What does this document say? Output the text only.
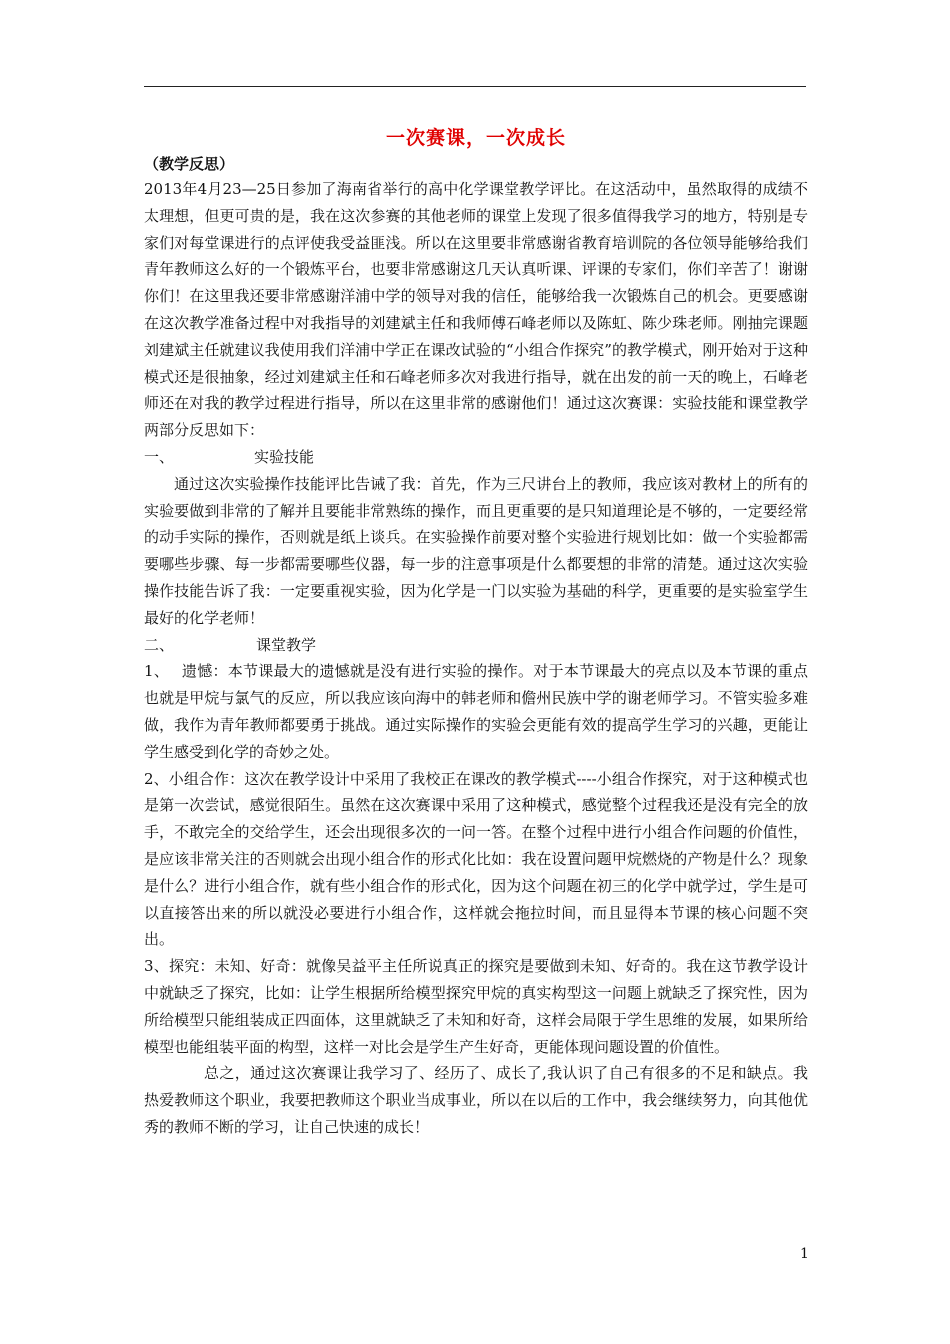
一次赛课，一次成长
（教学反思）

2013年4月23—25日参加了海南省举行的高中化学课堂教学评比。在这活动中，虽然取得的成绩不太理想，但更可贵的是，我在这次参赛的其他老师的课堂上发现了很多值得我学习的地方，特别是专家们对每堂课进行的点评使我受益匪浅。所以在这里要非常感谢省教育培训院的各位领导能够给我们青年教师这么好的一个锻炼平台，也要非常感谢这几天认真听课、评课的专家们，你们辛苦了！谢谢你们！在这里我还要非常感谢洋浦中学的领导对我的信任，能够给我一次锻炼自己的机会。更要感谢在这次教学准备过程中对我指导的刘建斌主任和我师傅石峰老师以及陈虹、陈少珠老师。刚抽完课题刘建斌主任就建议我使用我们洋浦中学正在课改试验的“小组合作探究”的教学模式，刚开始对于这种模式还是很抽象，经过刘建斌主任和石峰老师多次对我进行指导，就在出发的前一天的晚上，石峰老师还在对我的教学过程进行指导，所以在这里非常的感谢他们！通过这次赛课：实验技能和课堂教学两部分反思如下：

一、	实验技能

通过这次实验操作技能评比告诫了我：首先，作为三尺讲台上的教师，我应该对教材上的所有的实验要做到非常的了解并且要能非常熟练的操作，而且更重要的是只知道理论是不够的，一定要经常的动手实际的操作，否则就是纸上谈兵。在实验操作前要对整个实验进行规划比如：做一个实验都需要哪些步骤、每一步都需要哪些仪器，每一步的注意事项是什么都要想的非常的清楚。通过这次实验操作技能告诉了我：一定要重视实验，因为化学是一门以实验为基础的科学，更重要的是实验室学生最好的化学老师！

二、	课堂教学

1、　 遗憾：本节课最大的遗憾就是没有进行实验的操作。对于本节课最大的亮点以及本节课的重点也就是甲烷与氯气的反应，所以我应该向海中的韩老师和儋州民族中学的谢老师学习。不管实验多难做，我作为青年教师都要勇于挑战。通过实际操作的实验会更能有效的提高学生学习的兴趣，更能让学生感受到化学的奇妙之处。

2、小组合作：这次在教学设计中采用了我校正在课改的教学模式----小组合作探究，对于这种模式也是第一次尝试，感觉很陌生。虽然在这次赛课中采用了这种模式，感觉整个过程我还是没有完全的放手，不敢完全的交给学生，还会出现很多次的一问一答。在整个过程中进行小组合作问题的价值性，是应该非常关注的否则就会出现小组合作的形式化比如：我在设置问题甲烷燃烧的产物是什么？现象是什么？进行小组合作，就有些小组合作的形式化，因为这个问题在初三的化学中就学过，学生是可以直接答出来的所以就没必要进行小组合作，这样就会拖拉时间，而且显得本节课的核心问题不突出。

3、探究：未知、好奇：就像吴益平主任所说真正的探究是要做到未知、好奇的。我在这节教学设计中就缺乏了探究，比如：让学生根据所给模型探究甲烷的真实构型这一问题上就缺乏了探究性，因为所给模型只能组装成正四面体，这里就缺乏了未知和好奇，这样会局限于学生思维的发展，如果所给模型也能组装平面的构型，这样一对比会是学生产生好奇，更能体现问题设置的价值性。

总之，通过这次赛课让我学习了、经历了、成长了,我认识了自己有很多的不足和缺点。我热爱教师这个职业，我要把教师这个职业当成事业，所以在以后的工作中，我会继续努力，向其他优秀的教师不断的学习，让自己快速的成长！

1
